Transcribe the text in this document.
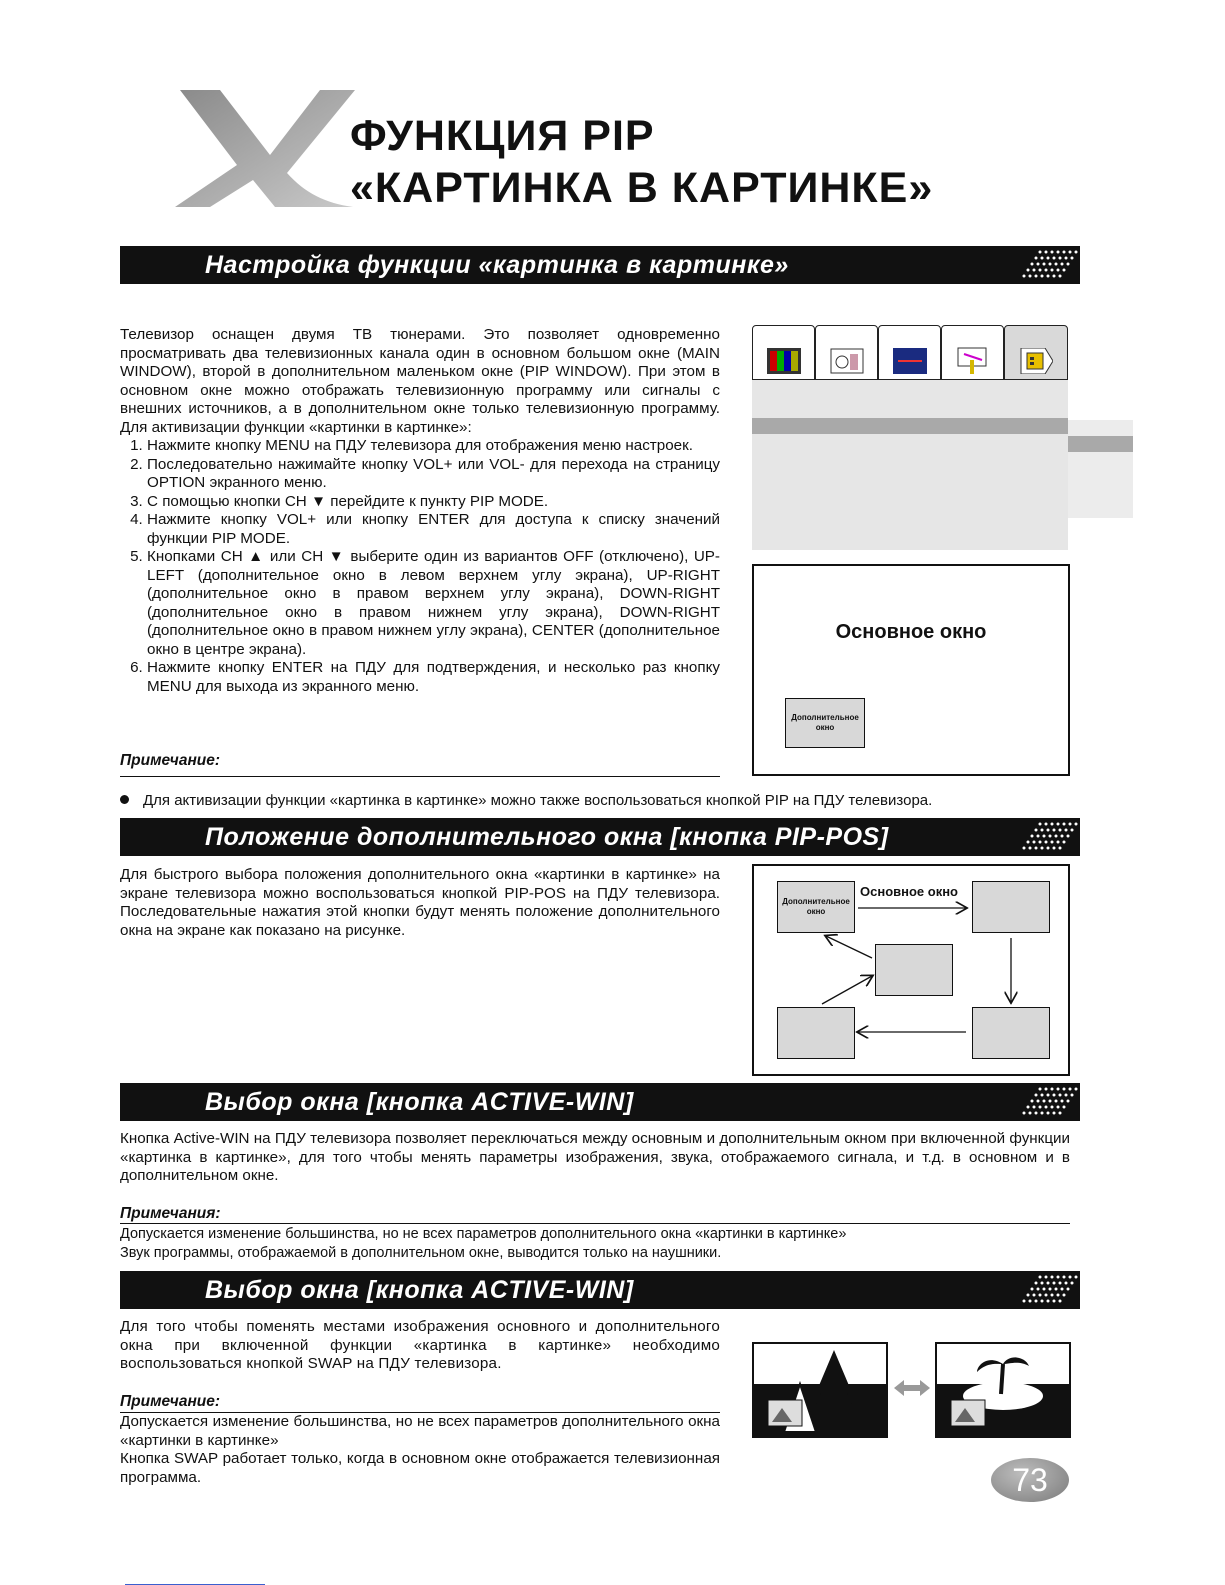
ФУНКЦИЯ PIP
«КАРТИНКА В КАРТИНКЕ»
Настройка функции «картинка в картинке»
Телевизор оснащен двумя ТВ тюнерами. Это позволяет одновременно просматривать два телевизионных канала один в основном большом окне (MAIN WINDOW), второй в дополнительном маленьком окне (PIP WINDOW). При этом в основном окне можно отображать телевизионную программу или сигналы с внешних источников, а в дополнительном окне только телевизионную программу. Для активизации функции «картинки в картинке»:
1. Нажмите кнопку MENU на ПДУ телевизора для отображения меню настроек.
2. Последовательно нажимайте кнопку VOL+ или VOL- для перехода на страницу OPTION экранного меню.
3. С помощью кнопки CH ▼ перейдите к пункту PIP MODE.
4. Нажмите кнопку VOL+ или кнопку ENTER для доступа к списку значений функции PIP MODE.
5. Кнопками CH ▲ или CH ▼ выберите один из вариантов OFF (отключено), UP-LEFT (дополнительное окно в левом верхнем углу экрана), UP-RIGHT (дополнительное окно в правом верхнем углу экрана), DOWN-RIGHT (дополнительное окно в правом нижнем углу экрана), DOWN-RIGHT (дополнительное окно в правом нижнем углу экрана), CENTER (дополнительное окно в центре экрана).
6. Нажмите кнопку ENTER на ПДУ для подтверждения, и несколько раз кнопку MENU для выхода из экранного меню.
Примечание:
Основное окно
Дополнительное окно
Для активизации функции «картинка в картинке» можно также воспользоваться кнопкой PIP на ПДУ телевизора.
Положение дополнительного окна [кнопка PIP-POS]
Для быстрого выбора положения дополнительного окна «картинки в картинке» на экране телевизора можно воспользоваться кнопкой PIP-POS на ПДУ телевизора. Последовательные нажатия этой кнопки будут менять положение дополнительного окна на экране как показано на рисунке.
Дополнительное окно
Основное окно
Выбор окна [кнопка ACTIVE-WIN]
Кнопка Active-WIN на ПДУ телевизора позволяет переключаться между основным и дополнительным окном при включенной функции «картинка в картинке», для того чтобы менять параметры изображения, звука, отображаемого сигнала, и т.д. в основном и в дополнительном окне.
Примечания:
Допускается изменение большинства, но не всех параметров дополнительного окна «картинки в картинке»
Звук программы, отображаемой в дополнительном окне, выводится только на наушники.
Выбор окна [кнопка ACTIVE-WIN]
Для того чтобы поменять местами изображения основного и дополнительного окна при включенной функции «картинка в картинке» необходимо воспользоваться кнопкой SWAP на ПДУ телевизора.
Примечание:
Допускается изменение большинства, но не всех параметров дополнительного окна «картинки в картинке»
Кнопка SWAP работает только, когда в основном окне отображается телевизионная программа.	73
